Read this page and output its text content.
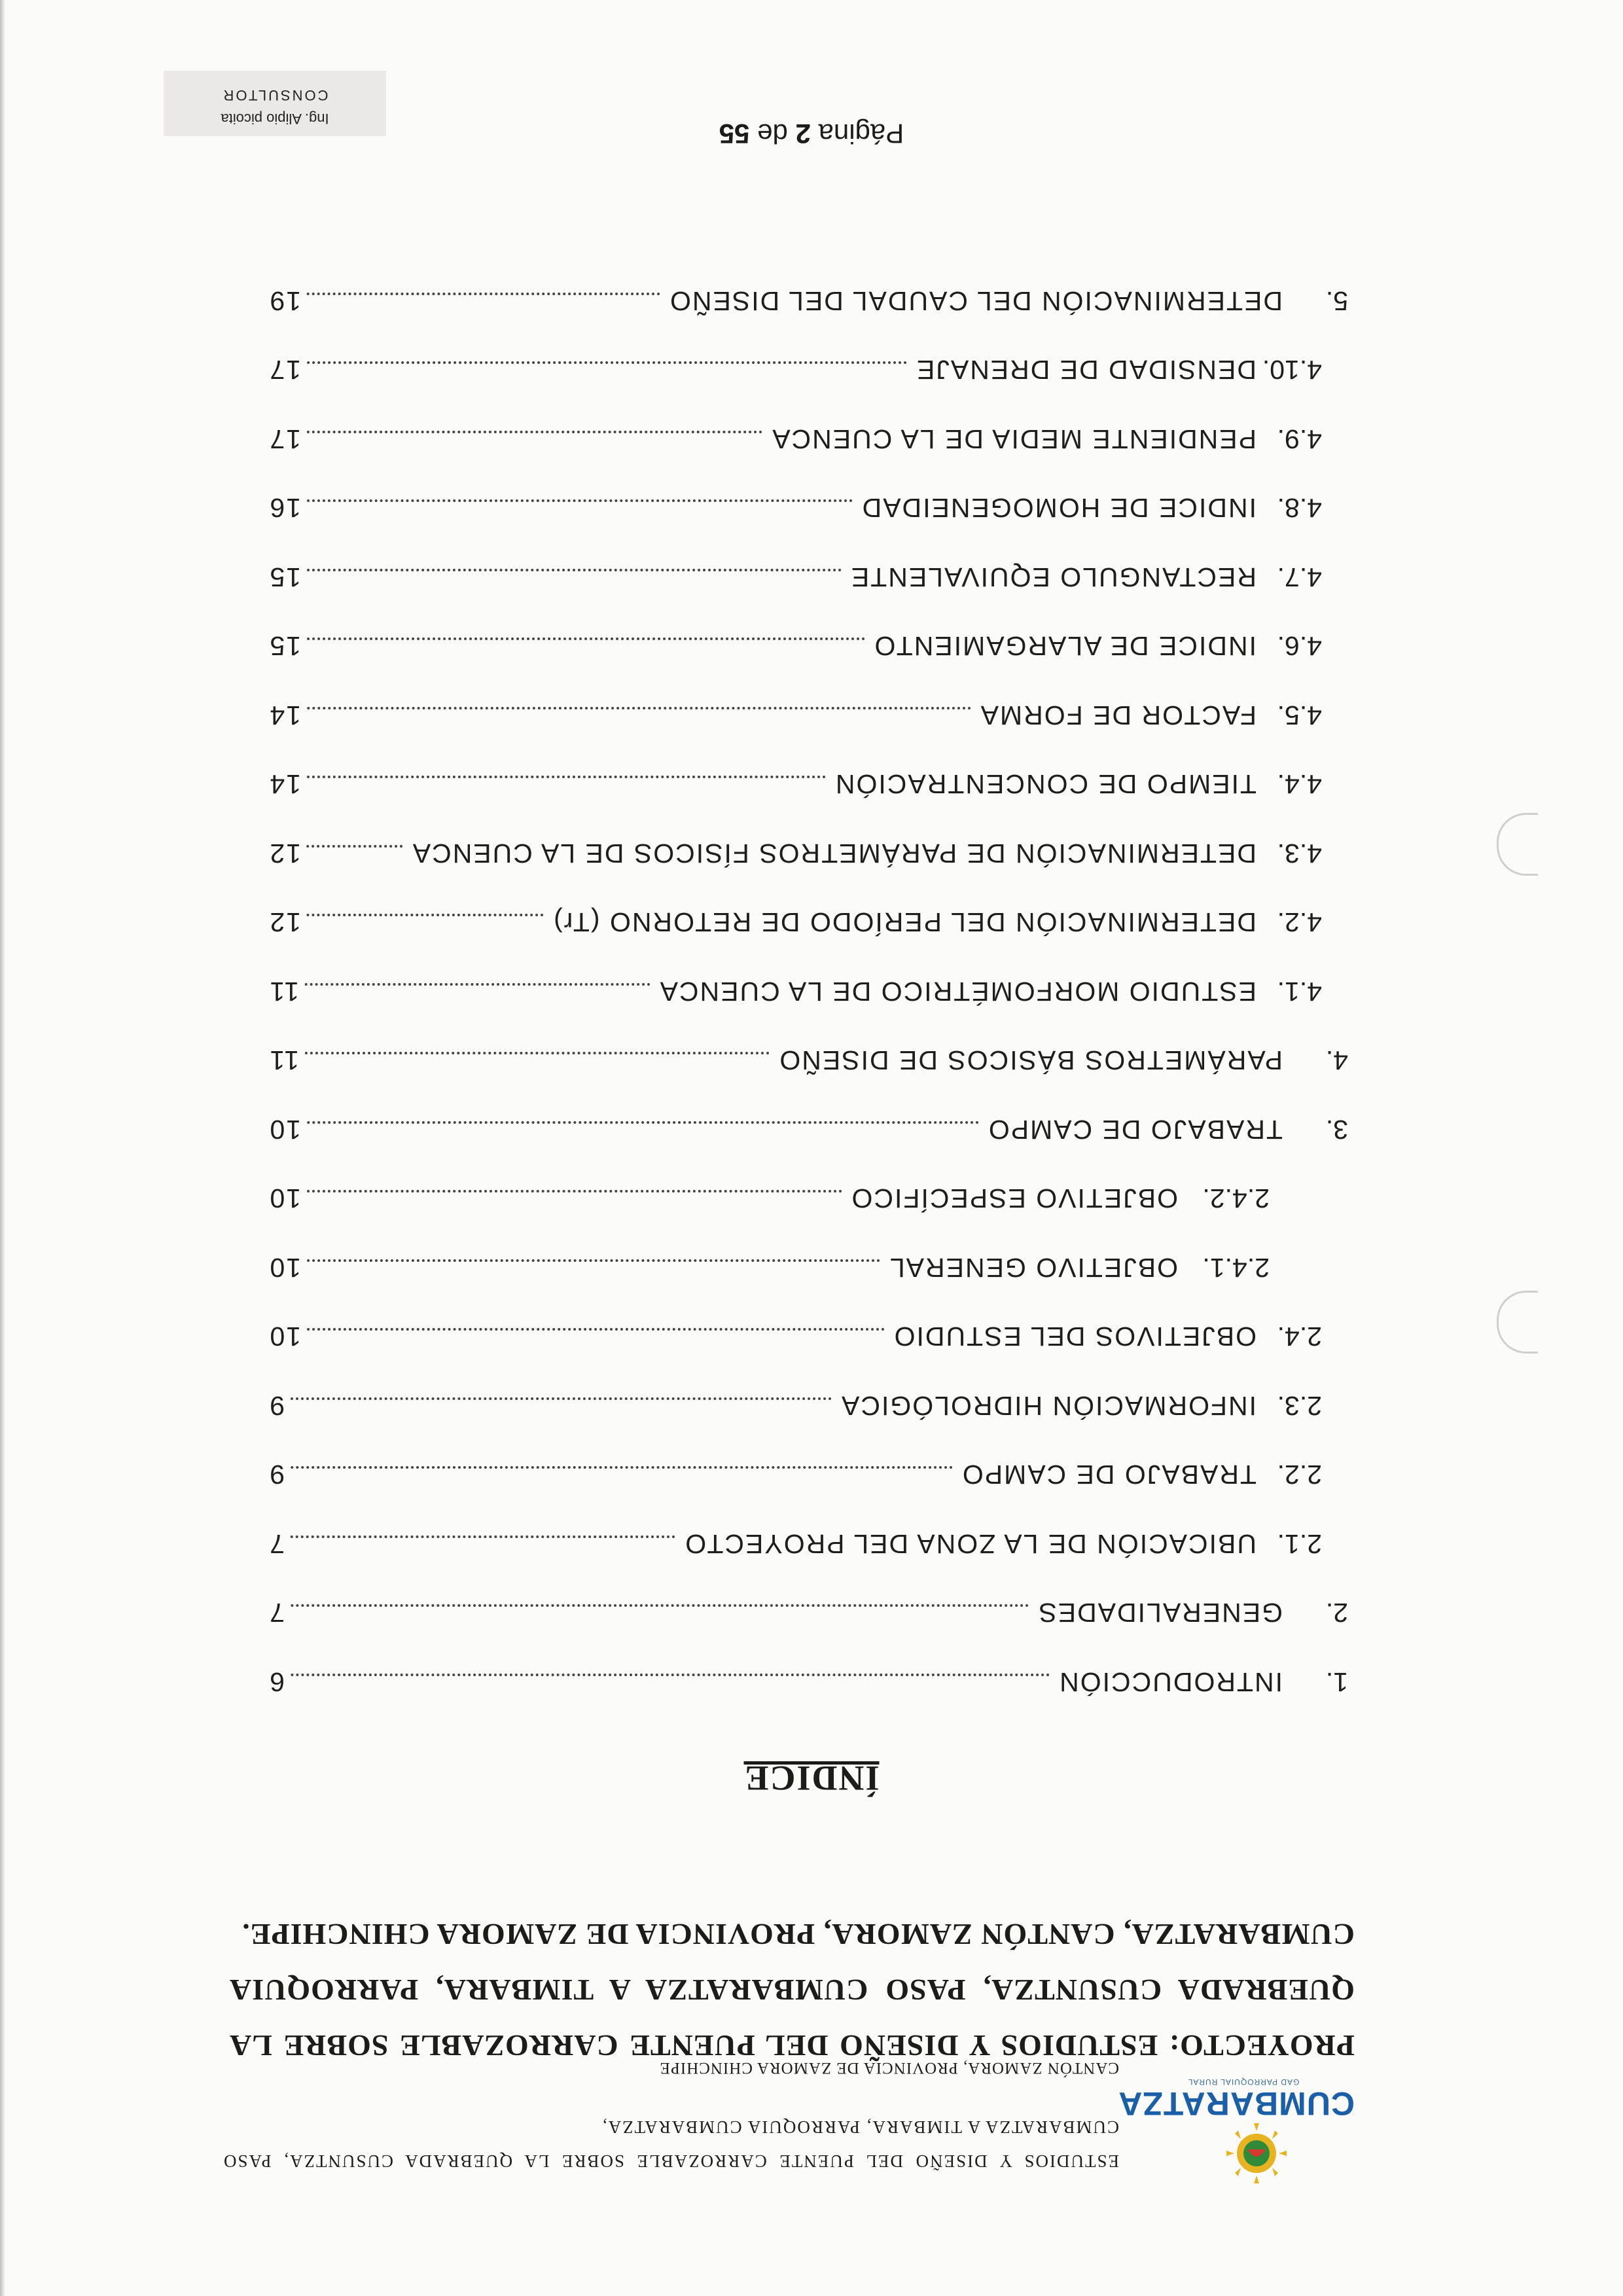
CUMBARATZA
GAD PARROQUIAL RURAL
ESTUDIOS Y DISEÑO DEL PUENTE CARROZABLE SOBRE LA QUEBRADA CUSUNTZA, PASO CUMBARATZA A TIMBARA, PARROQUIA CUMBARATZA,
CANTÓN ZAMORA, PROVINCIA DE ZAMORA CHINCHIPE
PROYECTO: ESTUDIOS Y DISEÑO DEL PUENTE CARROZABLE SOBRE LA QUEBRADA CUSUNTZA, PASO CUMBARATZA A TIMBARA, PARROQUIA CUMBARATZA, CANTÓN ZAMORA, PROVINCIA DE ZAMORA CHINCHIPE.
ÍNDICE
1.
INTRODUCCIÓN
6
2.
GENERALIDADES
7
2.1.
UBICACIÓN DE LA ZONA DEL PROYECTO
7
2.2.
TRABAJO DE CAMPO
9
2.3.
INFORMACIÓN HIDROLÓGICA
9
2.4.
OBJETIVOS DEL ESTUDIO
10
2.4.1.
OBJETIVO GENERAL
10
2.4.2.
OBJETIVO ESPECÍFICO
10
3.
TRABAJO DE CAMPO
10
4.
PARÁMETROS BÁSICOS DE DISEÑO
11
4.1.
ESTUDIO MORFOMÉTRICO DE LA CUENCA
11
4.2.
DETERMINACIÓN DEL PERÍODO DE RETORNO (Tr)
12
4.3.
DETERMINACIÓN DE PARÁMETROS FÍSICOS DE LA CUENCA
12
4.4.
TIEMPO DE CONCENTRACIÓN
14
4.5.
FACTOR DE FORMA
14
4.6.
INDICE DE ALARGAMIENTO
15
4.7.
RECTANGULO EQUIVALENTE
15
4.8.
INDICE DE HOMOGENEIDAD
16
4.9.
PENDIENTE MEDIA DE LA CUENCA
17
4.10.
DENSIDAD DE DRENAJE
17
5.
DETERMINACIÓN DEL CAUDAL DEL DISEÑO
19
Página 2 de 55
Ing. Alipio picoita
CONSULTOR
